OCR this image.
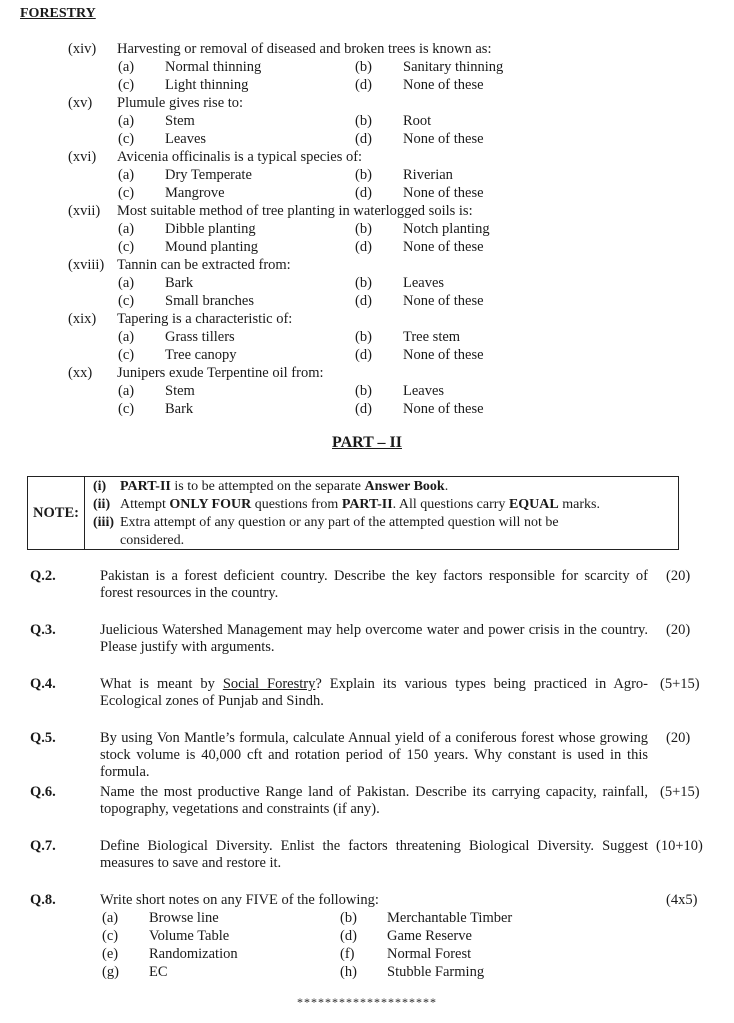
FORESTRY
(xiv) Harvesting or removal of diseased and broken trees is known as:
(a) Normal thinning	(b) Sanitary thinning
(c) Light thinning	(d) None of these
(xv) Plumule gives rise to:
(a) Stem	(b) Root
(c) Leaves	(d) None of these
(xvi) Avicenia officinalis is a typical species of:
(a) Dry Temperate	(b) Riverian
(c) Mangrove	(d) None of these
(xvii) Most suitable method of tree planting in waterlogged soils is:
(a) Dibble planting	(b) Notch planting
(c) Mound planting	(d) None of these
(xviii) Tannin can be extracted from:
(a) Bark	(b) Leaves
(c) Small branches	(d) None of these
(xix) Tapering is a characteristic of:
(a) Grass tillers	(b) Tree stem
(c) Tree canopy	(d) None of these
(xx) Junipers exude Terpentine oil from:
(a) Stem	(b) Leaves
(c) Bark	(d) None of these
PART – II
NOTE:
(i) PART-II is to be attempted on the separate Answer Book.
(ii) Attempt ONLY FOUR questions from PART-II. All questions carry EQUAL marks.
(iii) Extra attempt of any question or any part of the attempted question will not be
considered.
Q.2.	Pakistan is a forest deficient country. Describe the key factors responsible for scarcity of forest resources in the country.
(20)
Q.3.	Juelicious Watershed Management may help overcome water and power crisis in the country. Please justify with arguments.
(20)
Q.4.	What is meant by Social Forestry? Explain its various types being practiced in Agro-Ecological zones of Punjab and Sindh.
(5+15)
Q.5.	By using Von Mantle’s formula, calculate Annual yield of a coniferous forest whose growing stock volume is 40,000 cft and rotation period of 150 years. Why constant is used in this formula.
(20)
Q.6.	Name the most productive Range land of Pakistan. Describe its carrying capacity, rainfall, topography, vegetations and constraints (if any).
(5+15)
Q.7.	Define Biological Diversity. Enlist the factors threatening Biological Diversity. Suggest measures to save and restore it.
(10+10)
Q.8.	Write short notes on any FIVE of the following:	(4x5)
(a) Browse line	(b) Merchantable Timber
(c) Volume Table	(d) Game Reserve
(e) Randomization	(f) Normal Forest
(g) EC	(h) Stubble Farming
********************
